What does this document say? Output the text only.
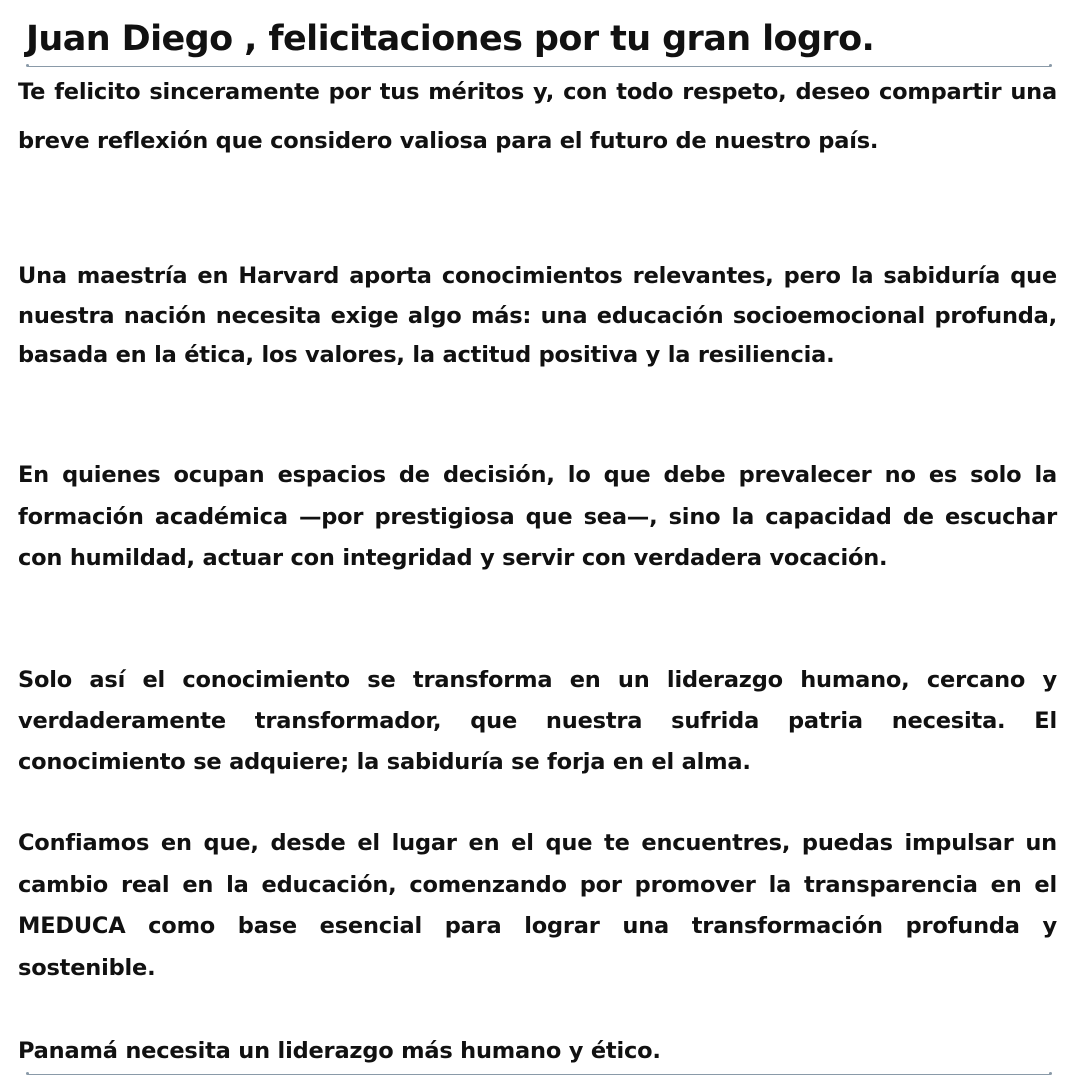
Juan Diego , felicitaciones por tu gran logro.

Te felicito sinceramente por tus méritos y, con todo respeto, deseo compartir una breve reflexión que considero valiosa para el futuro de nuestro país.

Una maestría en Harvard aporta conocimientos relevantes, pero la sabiduría que nuestra nación necesita exige algo más: una educación socioemocional profunda, basada en la ética, los valores, la actitud positiva y la resiliencia.

En quienes ocupan espacios de decisión, lo que debe prevalecer no es solo la formación académica —por prestigiosa que sea—, sino la capacidad de escuchar con humildad, actuar con integridad y servir con verdadera vocación.

Solo así el conocimiento se transforma en un liderazgo humano, cercano y verdaderamente transformador, que nuestra sufrida patria necesita. El conocimiento se adquiere; la sabiduría se forja en el alma.

Confiamos en que, desde el lugar en el que te encuentres, puedas impulsar un cambio real en la educación, comenzando por promover la transparencia en el MEDUCA como base esencial para lograr una transformación profunda y sostenible.

Panamá necesita un liderazgo más humano y ético.
